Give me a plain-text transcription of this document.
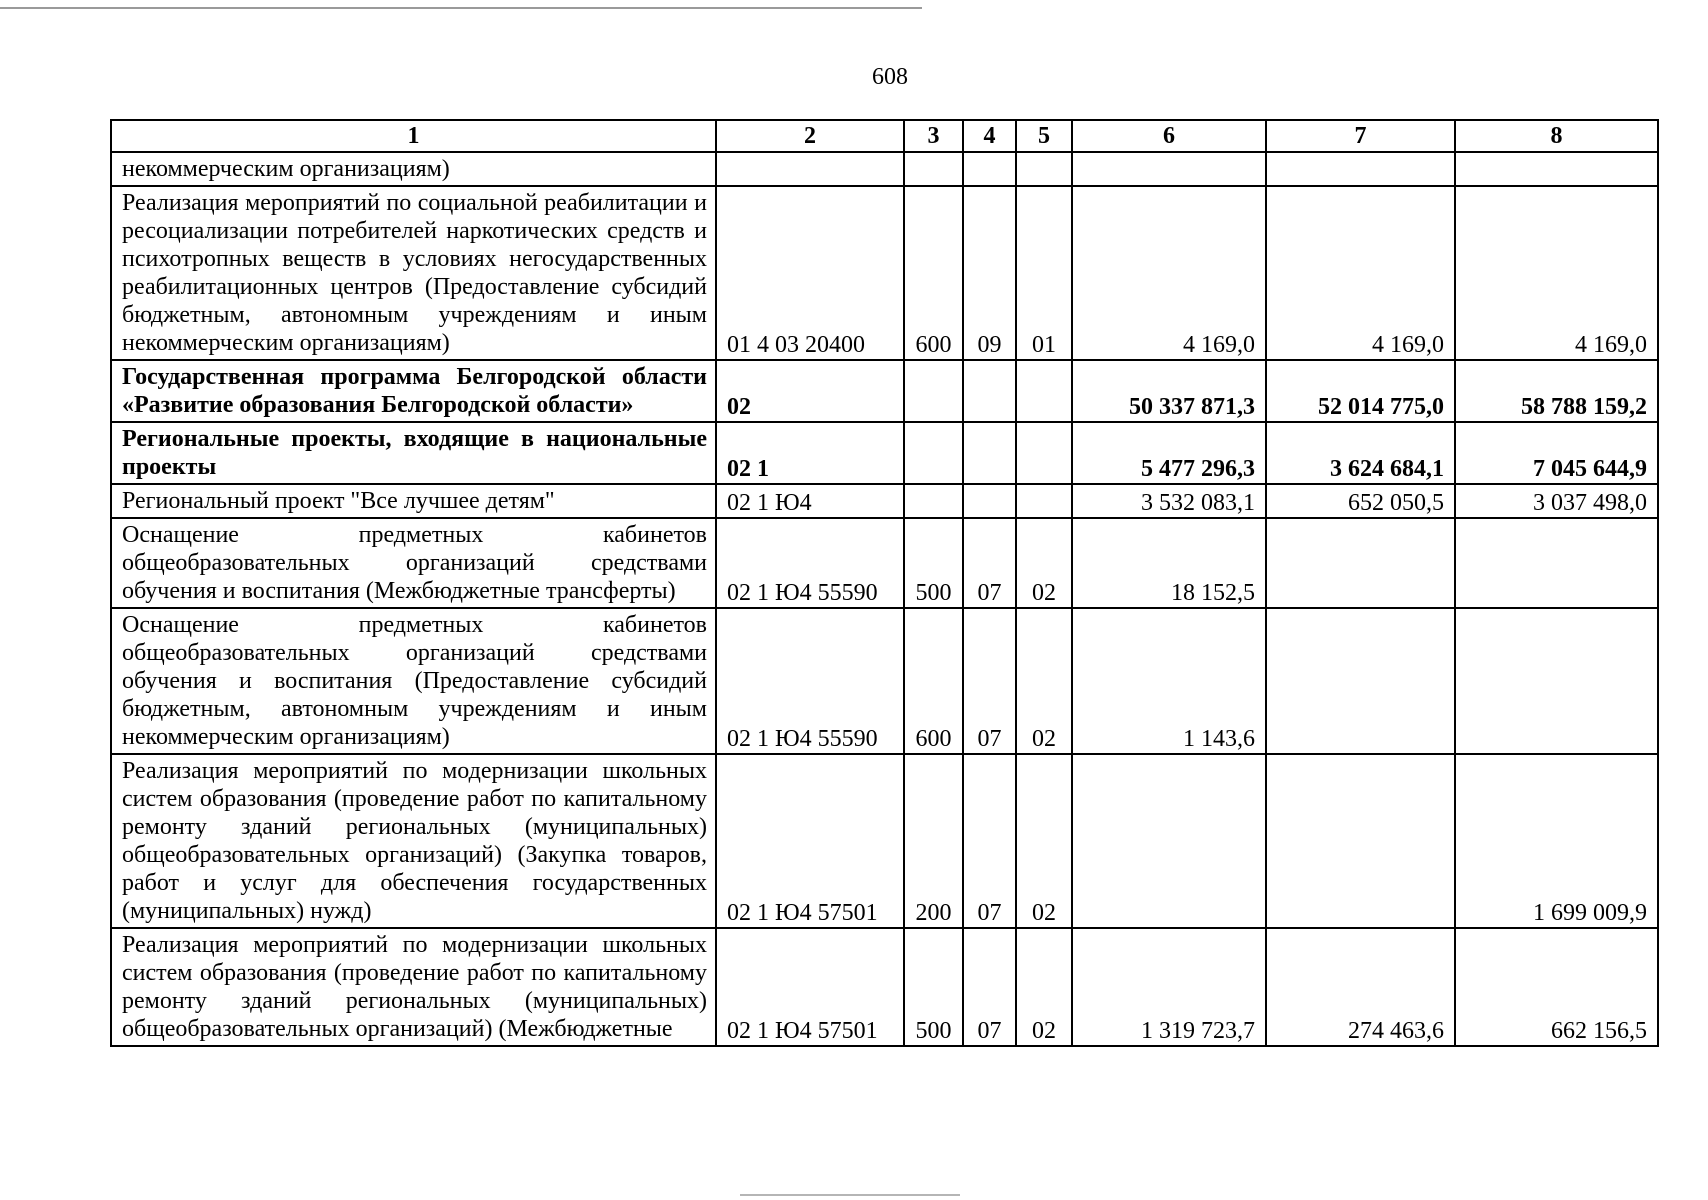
608
1	2	3	4	5	6	7	8
некоммерческим организациям)							
Реализация мероприятий по социальной реабилитации и ресоциализации потребителей наркотических средств и психотропных веществ в условиях негосударственных реабилитационных центров (Предоставление субсидий бюджетным, автономным учреждениям и иным некоммерческим организациям)	01 4 03 20400	600	09	01	4 169,0	4 169,0	4 169,0
Государственная программа Белгородской области «Развитие образования Белгородской области»	02				50 337 871,3	52 014 775,0	58 788 159,2
Региональные проекты, входящие в национальные проекты	02 1				5 477 296,3	3 624 684,1	7 045 644,9
Региональный проект "Все лучшее детям"	02 1 Ю4				3 532 083,1	652 050,5	3 037 498,0
Оснащение предметных кабинетов общеобразовательных организаций средствами обучения и воспитания (Межбюджетные трансферты)	02 1 Ю4 55590	500	07	02	18 152,5		
Оснащение предметных кабинетов общеобразовательных организаций средствами обучения и воспитания (Предоставление субсидий бюджетным, автономным учреждениям и иным некоммерческим организациям)	02 1 Ю4 55590	600	07	02	1 143,6		
Реализация мероприятий по модернизации школьных систем образования (проведение работ по капитальному ремонту зданий региональных (муниципальных) общеобразовательных организаций) (Закупка товаров, работ и услуг для обеспечения государственных (муниципальных) нужд)	02 1 Ю4 57501	200	07	02			1 699 009,9
Реализация мероприятий по модернизации школьных систем образования (проведение работ по капитальному ремонту зданий региональных (муниципальных) общеобразовательных организаций) (Межбюджетные	02 1 Ю4 57501	500	07	02	1 319 723,7	274 463,6	662 156,5
